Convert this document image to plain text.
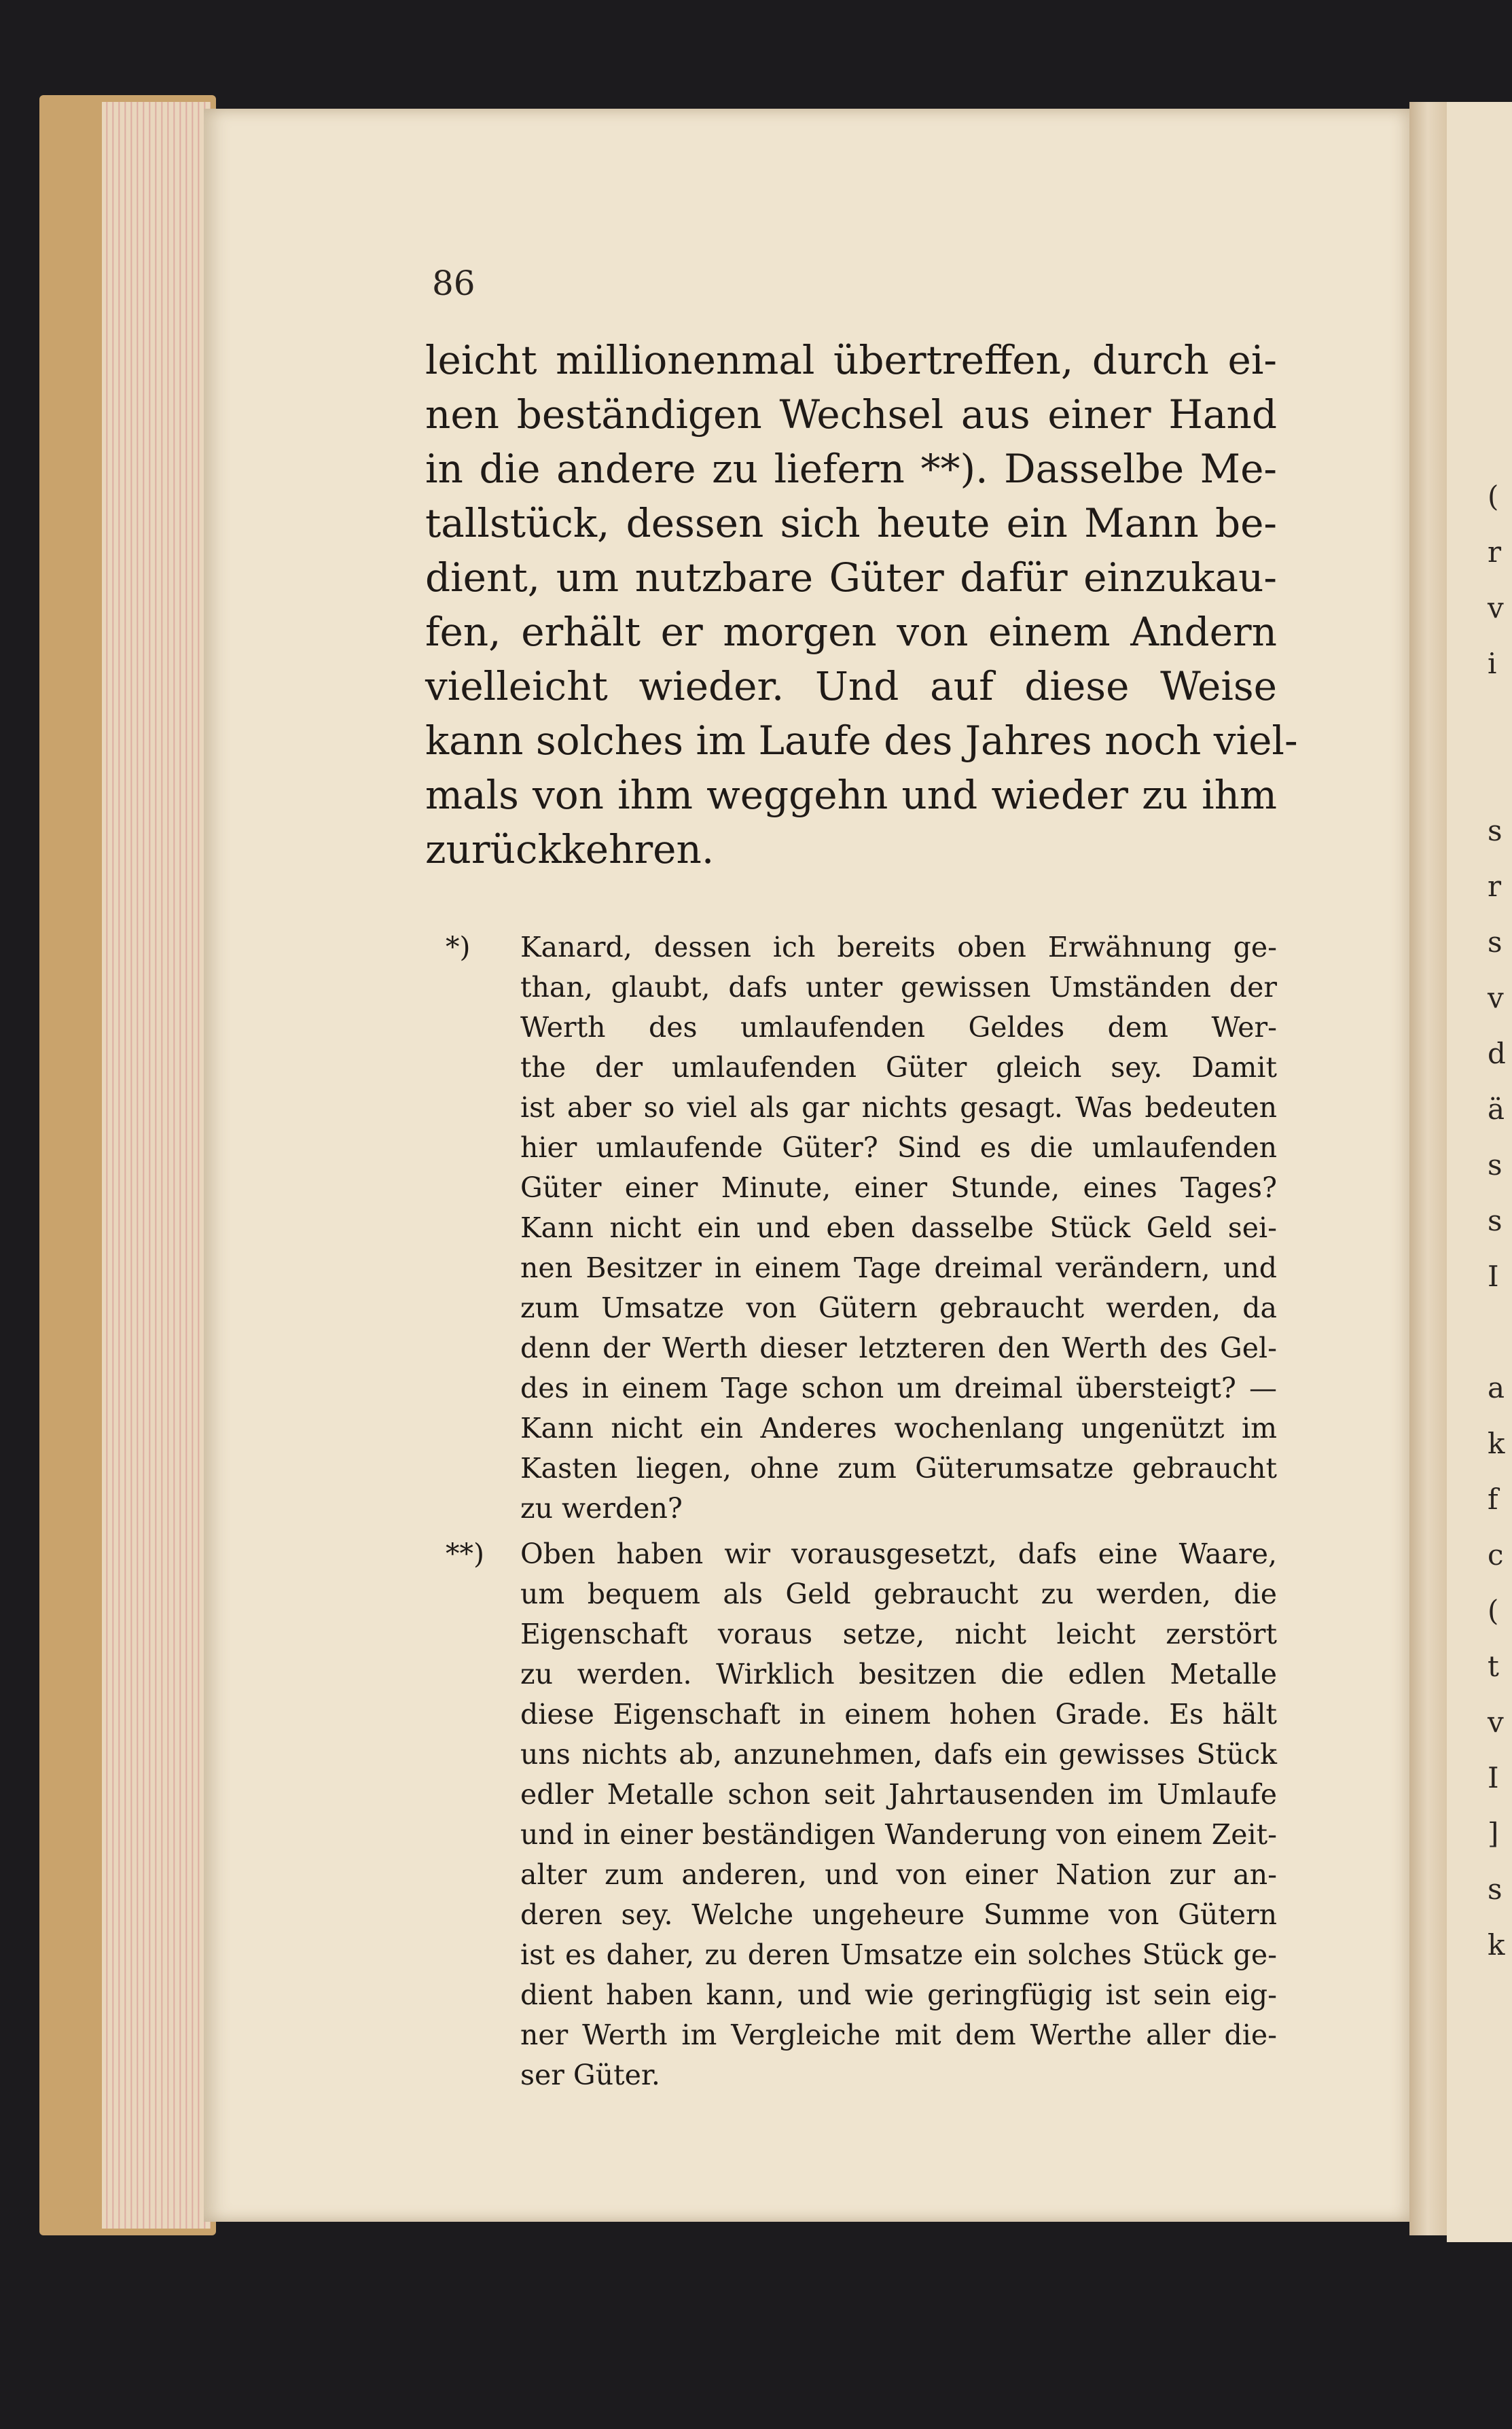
(
r
v
i
s
r
s
v
d
ä
s
s
I
a
k
f
c
(
t
v
I
]
s
k
86
leicht millionenmal übertreffen, durch ei-
nen beständigen Wechsel aus einer Hand
in die andere zu liefern **). Dasselbe Me-
tallstück, dessen sich heute ein Mann be-
dient, um nutzbare Güter dafür einzukau-
fen, erhält er morgen von einem Andern
vielleicht wieder. Und auf diese Weise
kann solches im Laufe des Jahres noch viel-
mals von ihm weggehn und wieder zu ihm
zurückkehren.
*) Kanard, dessen ich bereits oben Erwähnung ge-
than, glaubt, dafs unter gewissen Umständen der
Werth des umlaufenden Geldes dem Wer-
the der umlaufenden Güter gleich sey. Damit
ist aber so viel als gar nichts gesagt. Was bedeuten
hier umlaufende Güter? Sind es die umlaufenden
Güter einer Minute, einer Stunde, eines Tages?
Kann nicht ein und eben dasselbe Stück Geld sei-
nen Besitzer in einem Tage dreimal verändern, und
zum Umsatze von Gütern gebraucht werden, da
denn der Werth dieser letzteren den Werth des Gel-
des in einem Tage schon um dreimal übersteigt? —
Kann nicht ein Anderes wochenlang ungenützt im
Kasten liegen, ohne zum Güterumsatze gebraucht
zu werden?
**) Oben haben wir vorausgesetzt, dafs eine Waare,
um bequem als Geld gebraucht zu werden, die
Eigenschaft voraus setze, nicht leicht zerstört
zu werden. Wirklich besitzen die edlen Metalle
diese Eigenschaft in einem hohen Grade. Es hält
uns nichts ab, anzunehmen, dafs ein gewisses Stück
edler Metalle schon seit Jahrtausenden im Umlaufe
und in einer beständigen Wanderung von einem Zeit-
alter zum anderen, und von einer Nation zur an-
deren sey. Welche ungeheure Summe von Gütern
ist es daher, zu deren Umsatze ein solches Stück ge-
dient haben kann, und wie geringfügig ist sein eig-
ner Werth im Vergleiche mit dem Werthe aller die-
ser Güter.
